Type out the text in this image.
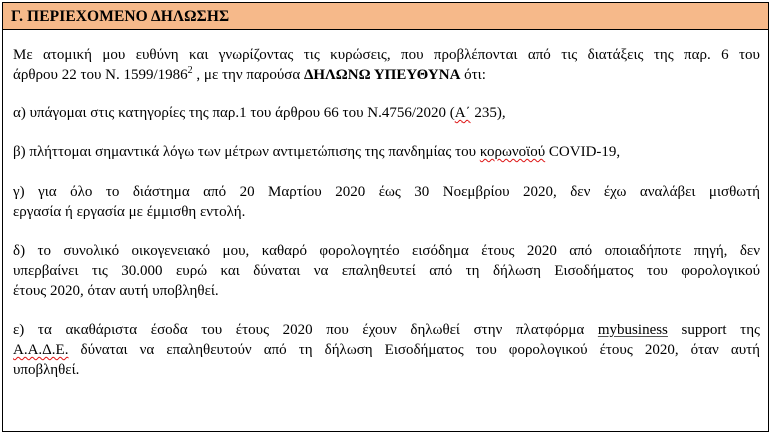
Γ. ΠΕΡΙΕΧΟΜΕΝΟ ΔΗΛΩΣΗΣ
Με ατομική μου ευθύνη και γνωρίζοντας τις κυρώσεις, που προβλέπονται από τις διατάξεις της παρ. 6 του
άρθρου 22 του Ν. 1599/1986$^2$ , με την παρούσα ΔΗΛΩΝΩ ΥΠΕΥΘΥΝΑ ότι:
α) υπάγομαι στις κατηγορίες της παρ.1 του άρθρου 66 του Ν.4756/2020 (Α΄ 235),
β) πλήττομαι σημαντικά λόγω των μέτρων αντιμετώπισης της πανδημίας του κορωνοϊού COVID-19,
γ) για όλο το διάστημα από 20 Μαρτίου 2020 έως 30 Νοεμβρίου 2020, δεν έχω αναλάβει μισθωτή
εργασία ή εργασία με έμμισθη εντολή.
δ) το συνολικό οικογενειακό μου, καθαρό φορολογητέο εισόδημα έτους 2020 από οποιαδήποτε πηγή, δεν
υπερβαίνει τις 30.000 ευρώ και δύναται να επαληθευτεί από τη δήλωση Εισοδήματος του φορολογικού
έτους 2020, όταν αυτή υποβληθεί.
ε) τα ακαθάριστα έσοδα του έτους 2020 που έχουν δηλωθεί στην πλατφόρμα mybusiness support της
Α.Α.Δ.Ε. δύναται να επαληθευτούν από τη δήλωση Εισοδήματος του φορολογικού έτους 2020, όταν αυτή
υποβληθεί.
